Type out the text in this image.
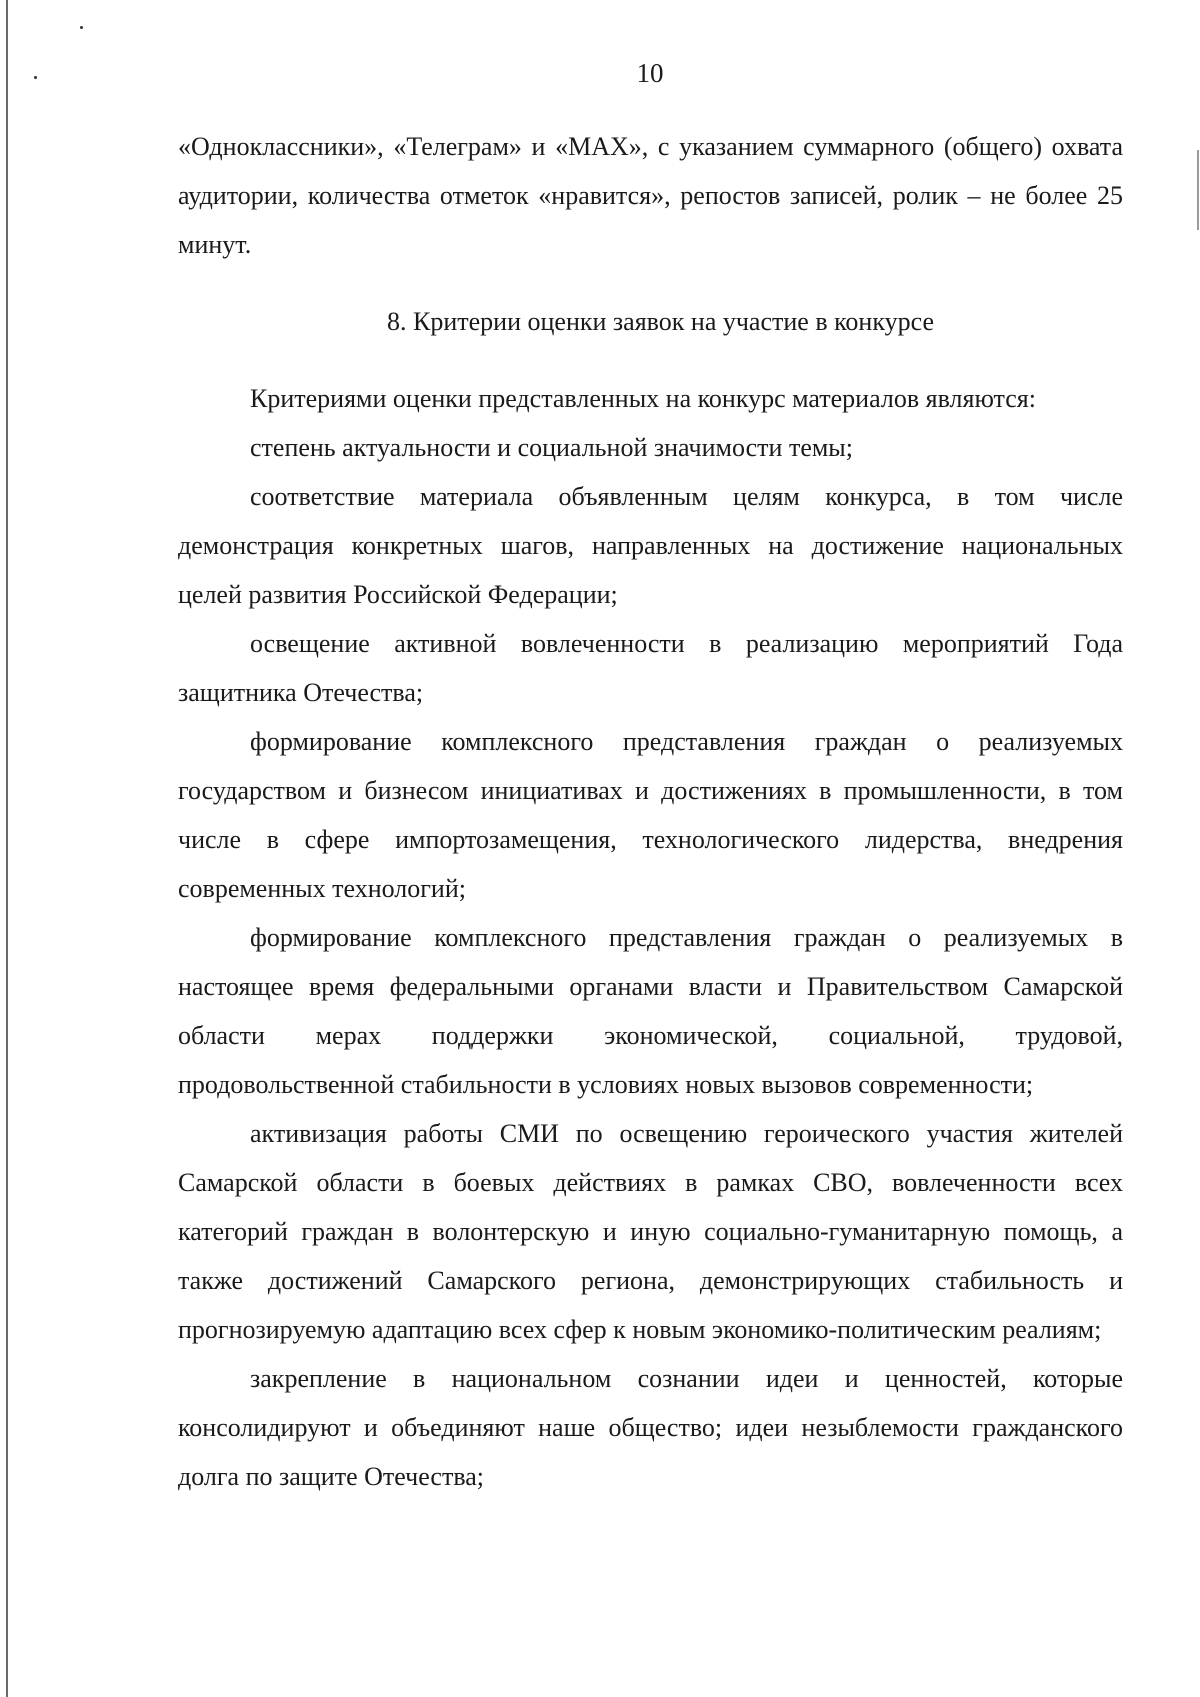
10

«Одноклассники», «Телеграм» и «MAX», с указанием суммарного (общего) охвата аудитории, количества отметок «нравится», репостов записей, ролик – не более 25 минут.

8. Критерии оценки заявок на участие в конкурсе

Критериями оценки представленных на конкурс материалов являются:

степень актуальности и социальной значимости темы;

соответствие материала объявленным целям конкурса, в том числе демонстрация конкретных шагов, направленных на достижение национальных целей развития Российской Федерации;

освещение активной вовлеченности в реализацию мероприятий Года защитника Отечества;

формирование комплексного представления граждан о реализуемых государством и бизнесом инициативах и достижениях в промышленности, в том числе в сфере импортозамещения, технологического лидерства, внедрения современных технологий;

формирование комплексного представления граждан о реализуемых в настоящее время федеральными органами власти и Правительством Самарской области мерах поддержки экономической, социальной, трудовой, продовольственной стабильности в условиях новых вызовов современности;

активизация работы СМИ по освещению героического участия жителей Самарской области в боевых действиях в рамках СВО, вовлеченности всех категорий граждан в волонтерскую и иную социально-гуманитарную помощь, а также достижений Самарского региона, демонстрирующих стабильность и прогнозируемую адаптацию всех сфер к новым экономико-политическим реалиям;

закрепление в национальном сознании идеи и ценностей, которые консолидируют и объединяют наше общество; идеи незыблемости гражданского долга по защите Отечества;
